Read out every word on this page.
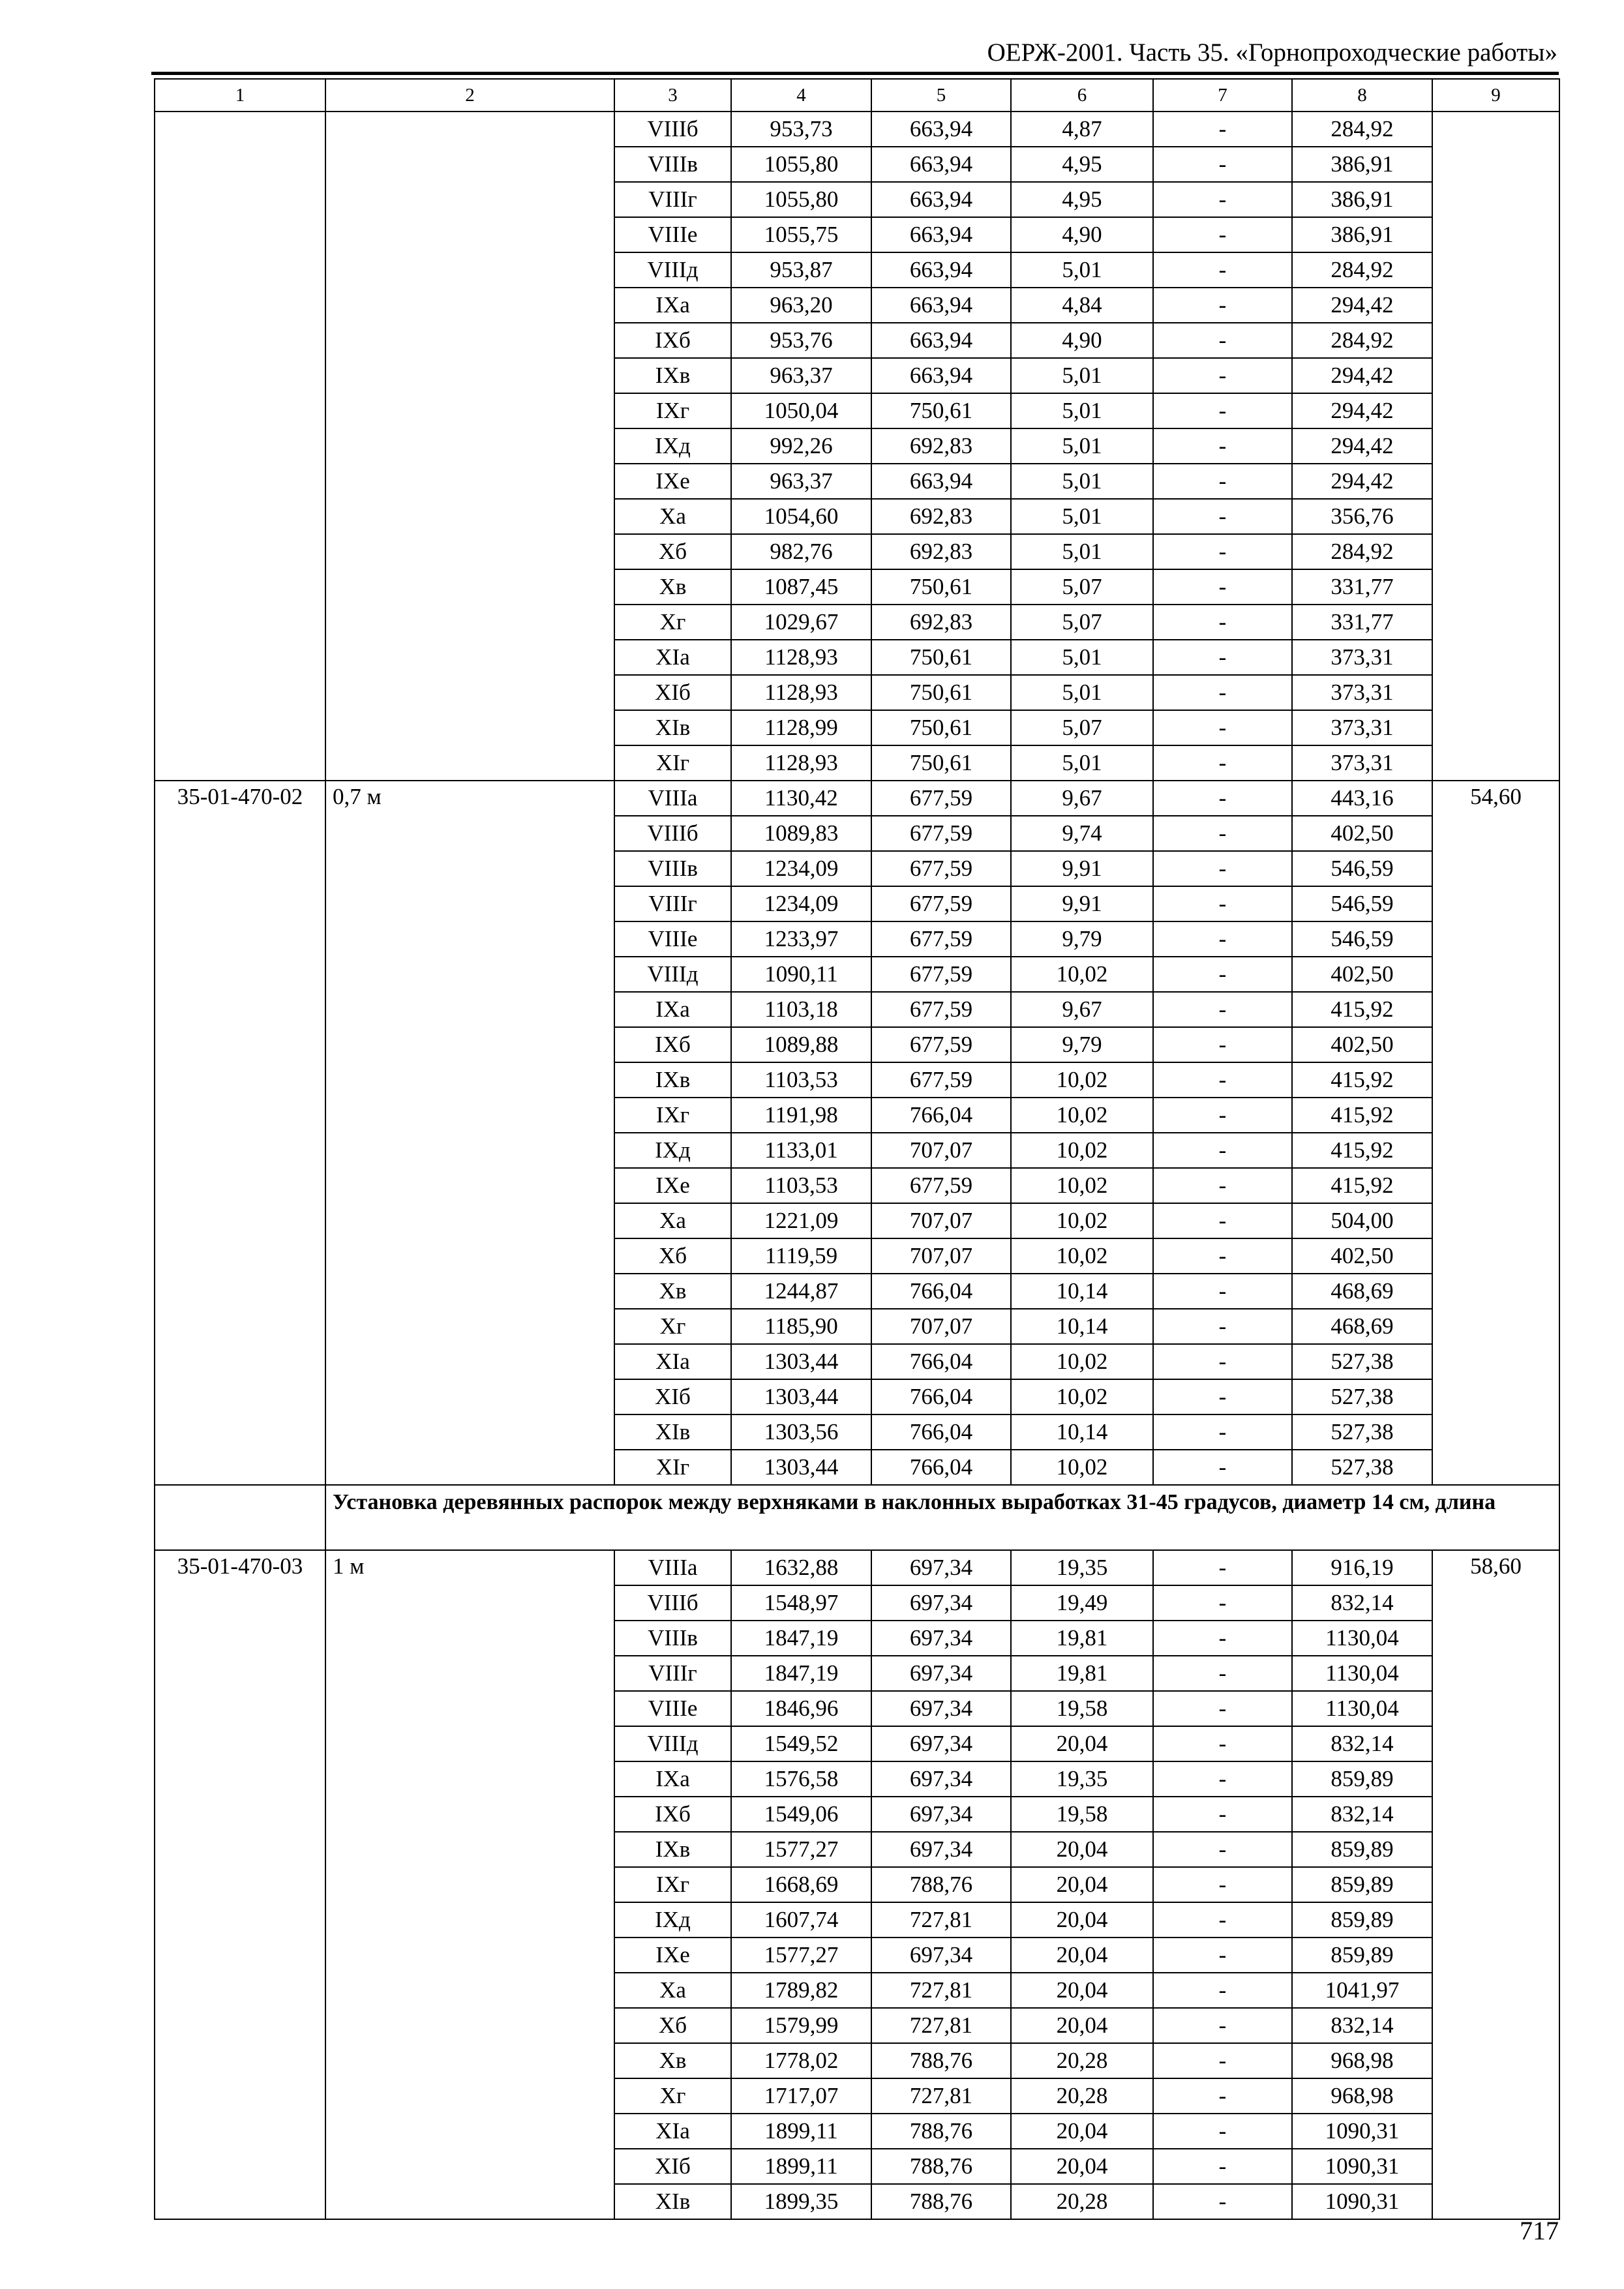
ОЕРЖ-2001. Часть 35. «Горнопроходческие работы»
1	2	3	4	5	6	7	8	9
		VIIIб	953,73	663,94	4,87	-	284,92	
		VIIIв	1055,80	663,94	4,95	-	386,91	
		VIIIг	1055,80	663,94	4,95	-	386,91	
		VIIIе	1055,75	663,94	4,90	-	386,91	
		VIIIд	953,87	663,94	5,01	-	284,92	
		IXа	963,20	663,94	4,84	-	294,42	
		IXб	953,76	663,94	4,90	-	284,92	
		IXв	963,37	663,94	5,01	-	294,42	
		IXг	1050,04	750,61	5,01	-	294,42	
		IXд	992,26	692,83	5,01	-	294,42	
		IXе	963,37	663,94	5,01	-	294,42	
		Xа	1054,60	692,83	5,01	-	356,76	
		Xб	982,76	692,83	5,01	-	284,92	
		Xв	1087,45	750,61	5,07	-	331,77	
		Xг	1029,67	692,83	5,07	-	331,77	
		XIа	1128,93	750,61	5,01	-	373,31	
		XIб	1128,93	750,61	5,01	-	373,31	
		XIв	1128,99	750,61	5,07	-	373,31	
		XIг	1128,93	750,61	5,01	-	373,31	
35-01-470-02	0,7 м	VIIIа	1130,42	677,59	9,67	-	443,16	54,60
		VIIIб	1089,83	677,59	9,74	-	402,50	
		VIIIв	1234,09	677,59	9,91	-	546,59	
		VIIIг	1234,09	677,59	9,91	-	546,59	
		VIIIе	1233,97	677,59	9,79	-	546,59	
		VIIIд	1090,11	677,59	10,02	-	402,50	
		IXа	1103,18	677,59	9,67	-	415,92	
		IXб	1089,88	677,59	9,79	-	402,50	
		IXв	1103,53	677,59	10,02	-	415,92	
		IXг	1191,98	766,04	10,02	-	415,92	
		IXд	1133,01	707,07	10,02	-	415,92	
		IXе	1103,53	677,59	10,02	-	415,92	
		Xа	1221,09	707,07	10,02	-	504,00	
		Xб	1119,59	707,07	10,02	-	402,50	
		Xв	1244,87	766,04	10,14	-	468,69	
		Xг	1185,90	707,07	10,14	-	468,69	
		XIа	1303,44	766,04	10,02	-	527,38	
		XIб	1303,44	766,04	10,02	-	527,38	
		XIв	1303,56	766,04	10,14	-	527,38	
		XIг	1303,44	766,04	10,02	-	527,38	
	Установка деревянных распорок между верхняками в наклонных выработках 31-45 градусов, диаметр 14 см, длина							
35-01-470-03	1 м	VIIIа	1632,88	697,34	19,35	-	916,19	58,60
		VIIIб	1548,97	697,34	19,49	-	832,14	
		VIIIв	1847,19	697,34	19,81	-	1130,04	
		VIIIг	1847,19	697,34	19,81	-	1130,04	
		VIIIе	1846,96	697,34	19,58	-	1130,04	
		VIIIд	1549,52	697,34	20,04	-	832,14	
		IXа	1576,58	697,34	19,35	-	859,89	
		IXб	1549,06	697,34	19,58	-	832,14	
		IXв	1577,27	697,34	20,04	-	859,89	
		IXг	1668,69	788,76	20,04	-	859,89	
		IXд	1607,74	727,81	20,04	-	859,89	
		IXе	1577,27	697,34	20,04	-	859,89	
		Xа	1789,82	727,81	20,04	-	1041,97	
		Xб	1579,99	727,81	20,04	-	832,14	
		Xв	1778,02	788,76	20,28	-	968,98	
		Xг	1717,07	727,81	20,28	-	968,98	
		XIа	1899,11	788,76	20,04	-	1090,31	
		XIб	1899,11	788,76	20,04	-	1090,31	
		XIв	1899,35	788,76	20,28	-	1090,31	
717
